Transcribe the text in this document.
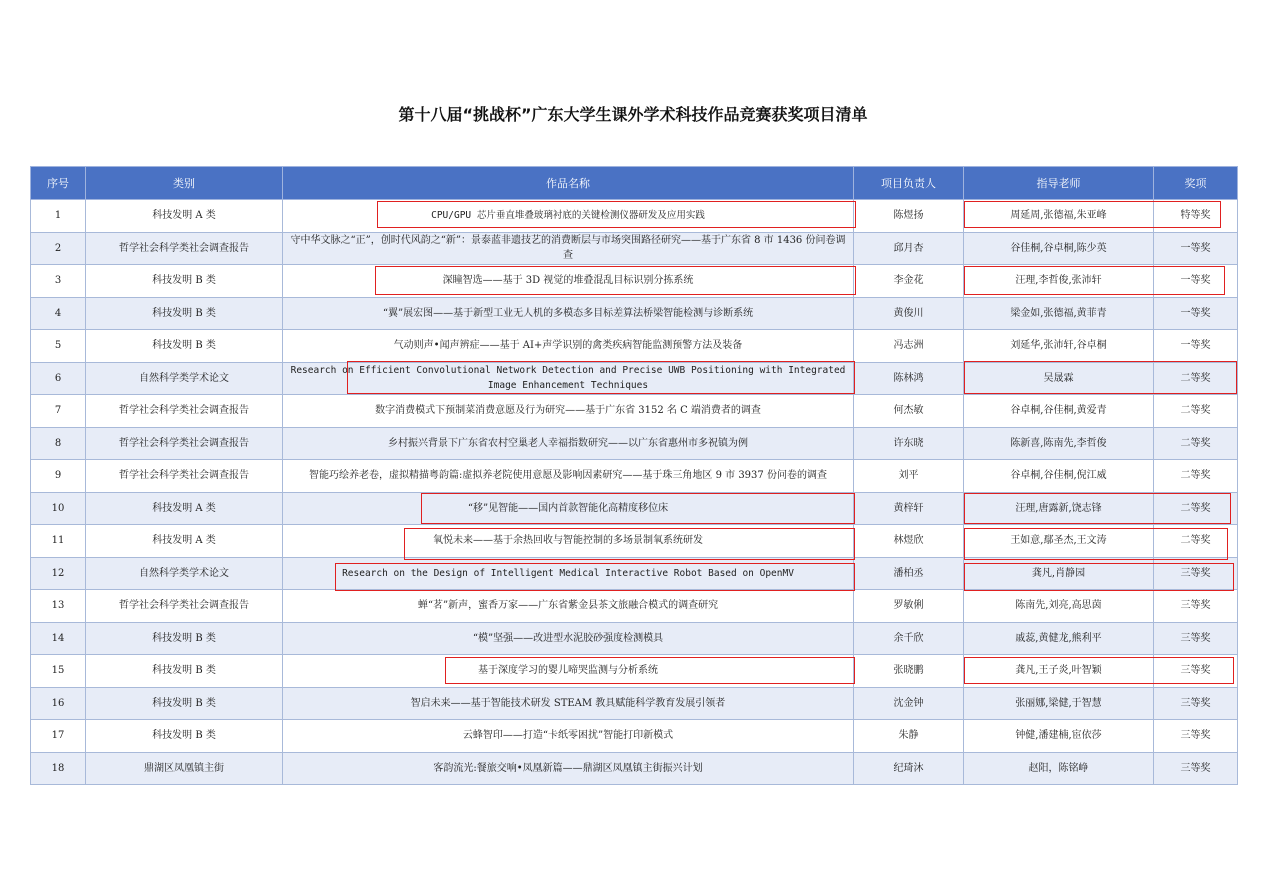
第十八届“挑战杯”广东大学生课外学术科技作品竞赛获奖项目清单
序号	类别	作品名称	项目负责人	指导老师	奖项
1	科技发明 A 类	CPU/GPU 芯片垂直堆叠玻璃衬底的关键检测仪器研发及应用实践	陈煜扬	周延周,张德福,朱亚峰	特等奖
2	哲学社会科学类社会调查报告	守中华文脉之“正”，创时代风韵之“新”：景泰蓝非遗技艺的消费断层与市场突围路径研究——基于广东省 8 市 1436 份问卷调查	邱月杏	谷佳桐,谷卓桐,陈少英	一等奖
3	科技发明 B 类	深瞳智选——基于 3D 视觉的堆叠混乱目标识别分拣系统	李金花	汪理,李哲俊,张沛轩	一等奖
4	科技发明 B 类	“翼”展宏图——基于新型工业无人机的多模态多目标差算法桥梁智能检测与诊断系统	黄俊川	梁金如,张德福,黄菲青	一等奖
5	科技发明 B 类	气动则声•闻声辨症——基于 AI+声学识别的禽类疾病智能监测预警方法及装备	冯志洲	刘延华,张沛轩,谷卓桐	一等奖
6	自然科学类学术论文	Research on Efficient Convolutional Network Detection and Precise UWB Positioning with Integrated Image Enhancement Techniques	陈林鸿	吴晟霖	二等奖
7	哲学社会科学类社会调查报告	数字消费模式下预制菜消费意愿及行为研究——基于广东省 3152 名 C 端消费者的调查	何杰敏	谷卓桐,谷佳桐,黄爱青	二等奖
8	哲学社会科学类社会调查报告	乡村振兴背景下广东省农村空巢老人幸福指数研究——以广东省惠州市多祝镇为例	许东晓	陈新喜,陈南先,李哲俊	二等奖
9	哲学社会科学类社会调查报告	智能巧绘养老卷，虚拟精描粤韵篇:虚拟养老院使用意愿及影响因素研究——基于珠三角地区 9 市 3937 份问卷的调查	刘平	谷卓桐,谷佳桐,倪江威	二等奖
10	科技发明 A 类	“移”见智能——国内首款智能化高精度移位床	黄梓轩	汪理,唐露新,饶志锋	二等奖
11	科技发明 A 类	氧悦未来——基于余热回收与智能控制的多场景制氧系统研发	林煜欣	王如意,鄢圣杰,王文涛	二等奖
12	自然科学类学术论文	Research on the Design of Intelligent Medical Interactive Robot Based on OpenMV	潘柏丞	龚凡,肖静园	三等奖
13	哲学社会科学类社会调查报告	蝉“茗”新声，蜜香万家——广东省紫金县茶文旅融合模式的调查研究	罗敏俐	陈南先,刘亮,高思茵	三等奖
14	科技发明 B 类	“模”坚强——改进型水泥胶砂强度检测模具	余千欣	戚蕊,黄健龙,熊利平	三等奖
15	科技发明 B 类	基于深度学习的婴儿啼哭监测与分析系统	张晓鹏	龚凡,王子炎,叶智颖	三等奖
16	科技发明 B 类	智启未来——基于智能技术研发 STEAM 教具赋能科学教育发展引领者	沈金钟	张丽娜,梁健,于智慧	三等奖
17	科技发明 B 类	云蜂智印——打造“卡纸零困扰”智能打印新模式	朱静	钟健,潘建楠,宦依莎	三等奖
18	鼎湖区凤凰镇主街	客韵流光:餐旅交响•凤凰新篇——鼎湖区凤凰镇主街振兴计划	纪琦沐	赵阳，陈铭峥	三等奖
